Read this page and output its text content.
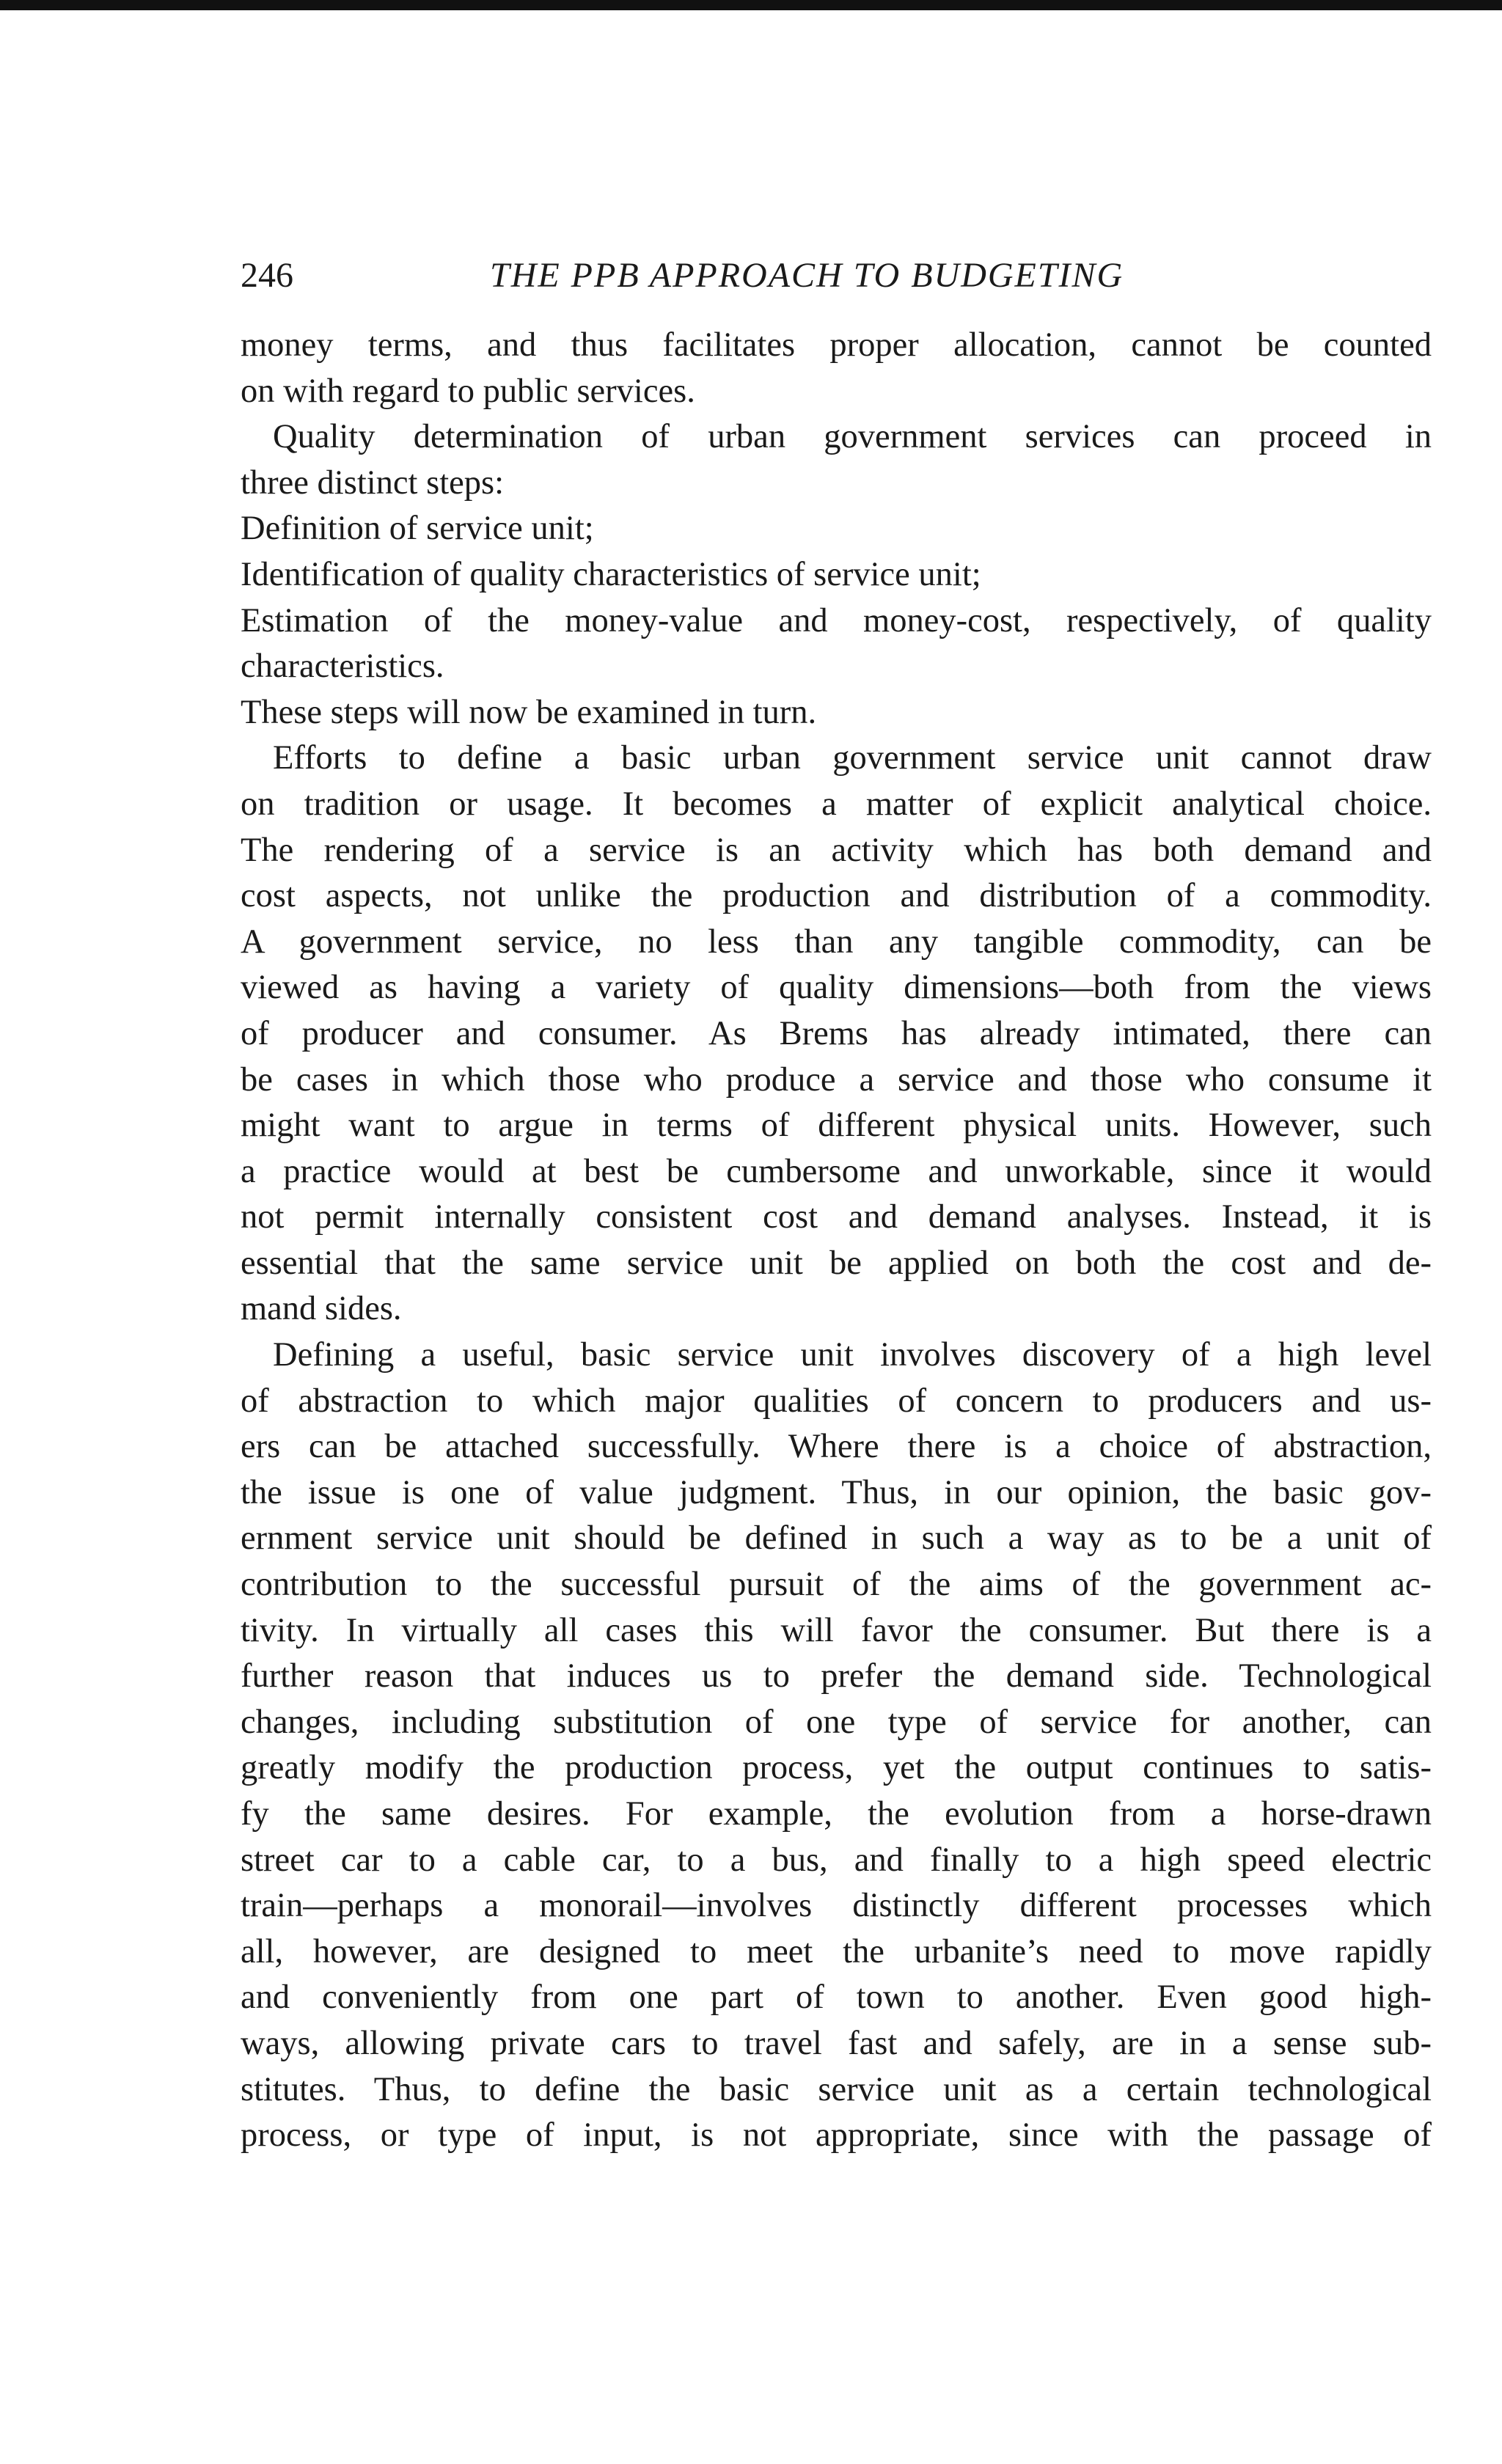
246	THE PPB APPROACH TO BUDGETING
money terms, and thus facilitates proper allocation, cannot be counted
on with regard to public services.
Quality determination of urban government services can proceed in
three distinct steps:
Definition of service unit;
Identification of quality characteristics of service unit;
Estimation of the money-value and money-cost, respectively, of quality
characteristics.
These steps will now be examined in turn.
Efforts to define a basic urban government service unit cannot draw
on tradition or usage. It becomes a matter of explicit analytical choice.
The rendering of a service is an activity which has both demand and
cost aspects, not unlike the production and distribution of a commodity.
A government service, no less than any tangible commodity, can be
viewed as having a variety of quality dimensions—both from the views
of producer and consumer. As Brems has already intimated, there can
be cases in which those who produce a service and those who consume it
might want to argue in terms of different physical units. However, such
a practice would at best be cumbersome and unworkable, since it would
not permit internally consistent cost and demand analyses. Instead, it is
essential that the same service unit be applied on both the cost and de-
mand sides.
Defining a useful, basic service unit involves discovery of a high level
of abstraction to which major qualities of concern to producers and us-
ers can be attached successfully. Where there is a choice of abstraction,
the issue is one of value judgment. Thus, in our opinion, the basic gov-
ernment service unit should be defined in such a way as to be a unit of
contribution to the successful pursuit of the aims of the government ac-
tivity. In virtually all cases this will favor the consumer. But there is a
further reason that induces us to prefer the demand side. Technological
changes, including substitution of one type of service for another, can
greatly modify the production process, yet the output continues to satis-
fy the same desires. For example, the evolution from a horse-drawn
street car to a cable car, to a bus, and finally to a high speed electric
train—perhaps a monorail—involves distinctly different processes which
all, however, are designed to meet the urbanite’s need to move rapidly
and conveniently from one part of town to another. Even good high-
ways, allowing private cars to travel fast and safely, are in a sense sub-
stitutes. Thus, to define the basic service unit as a certain technological
process, or type of input, is not appropriate, since with the passage of
